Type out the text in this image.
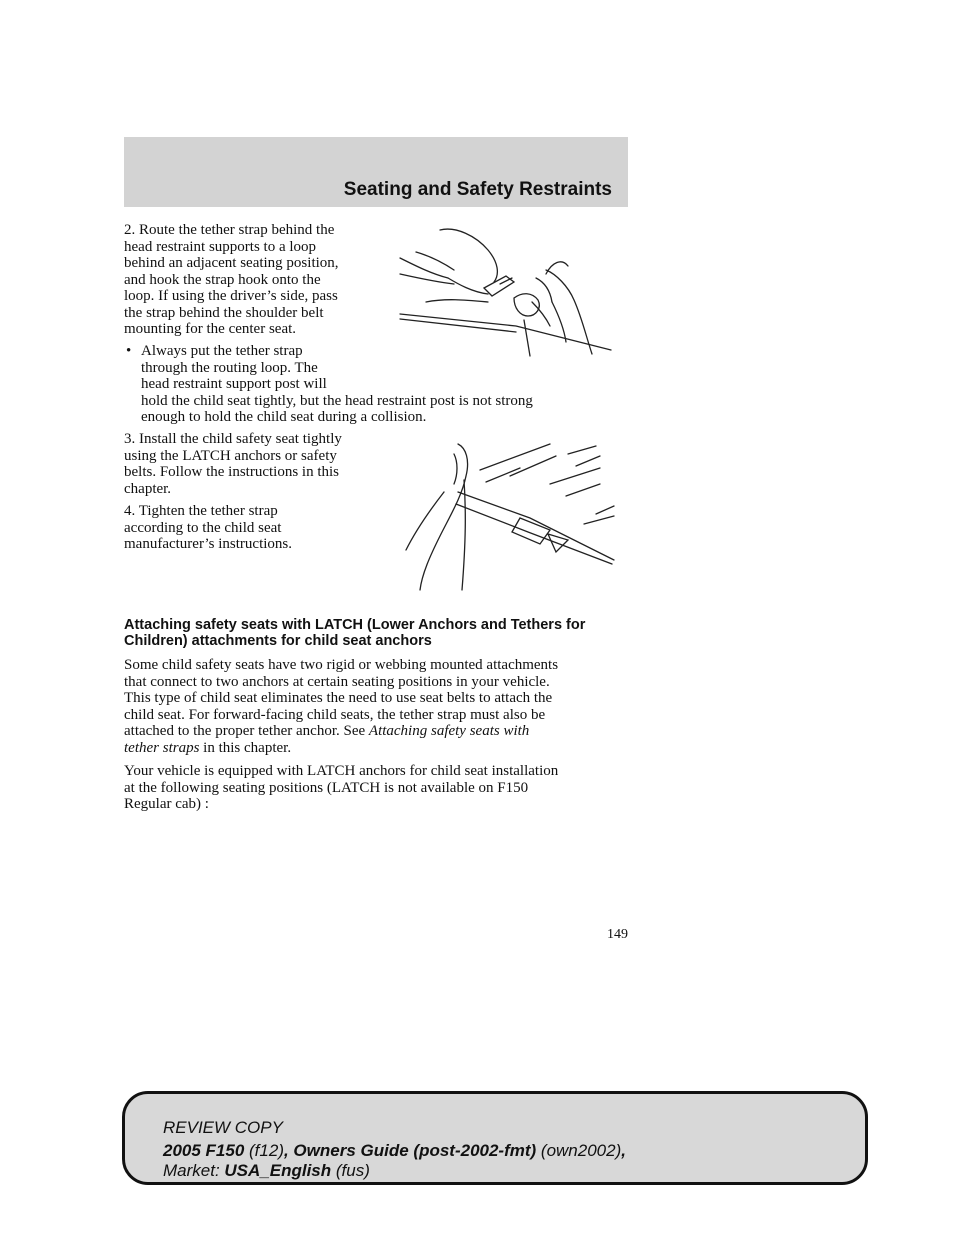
Seating and Safety Restraints
2. Route the tether strap behind the
head restraint supports to a loop
behind an adjacent seating position,
and hook the strap hook onto the
loop. If using the driver’s side, pass
the strap behind the shoulder belt
mounting for the center seat.
• Always put the tether strap
through the routing loop. The
head restraint support post will
hold the child seat tightly, but the head restraint post is not strong
enough to hold the child seat during a collision.
3. Install the child safety seat tightly
using the LATCH anchors or safety
belts. Follow the instructions in this
chapter.
4. Tighten the tether strap
according to the child seat
manufacturer’s instructions.
Attaching safety seats with LATCH (Lower Anchors and Tethers for
Children) attachments for child seat anchors
Some child safety seats have two rigid or webbing mounted attachments
that connect to two anchors at certain seating positions in your vehicle.
This type of child seat eliminates the need to use seat belts to attach the
child seat. For forward-facing child seats, the tether strap must also be
attached to the proper tether anchor. See Attaching safety seats with
tether straps in this chapter.
Your vehicle is equipped with LATCH anchors for child seat installation
at the following seating positions (LATCH is not available on F150
Regular cab) :
149
REVIEW COPY
2005 F150 (f12), Owners Guide (post-2002-fmt) (own2002),
Market: USA_English (fus)
